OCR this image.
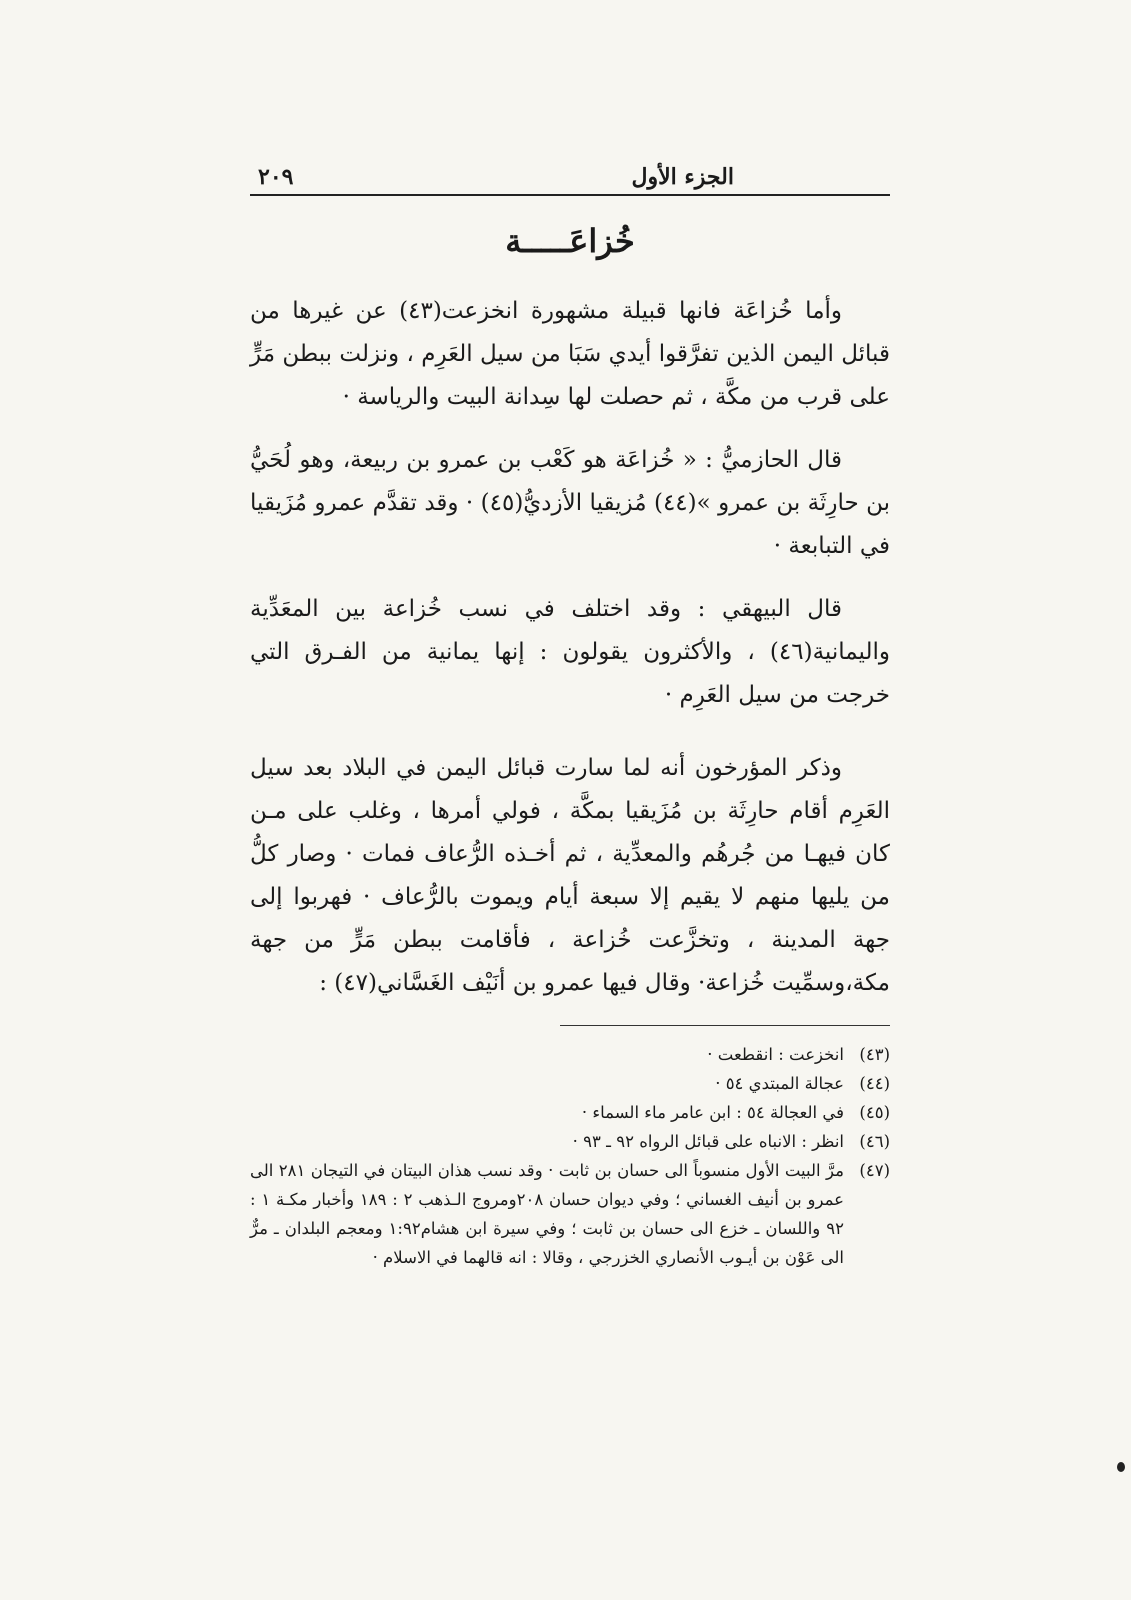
الجزء الأول
٢٠٩
خُزاعَـــــة

وأما خُزاعَة فانها قبيلة مشهورة انخزعت(٤٣) عن غيرها من قبائل اليمن الذين تفرَّقوا أيدي سَبَا من سيل العَرِم ، ونزلت ببطن مَرٍّ على قرب من مكَّة ، ثم حصلت لها سِدانة البيت والرياسة ·

قال الحازميُّ : « خُزاعَة هو كَعْب بن عمرو بن ربيعة، وهو لُحَيُّ بن حارِثَة بن عمرو »(٤٤) مُزيقيا الأزديُّ(٤٥) · وقد تقدَّم عمرو مُزَيقيا في التبابعة ·

قال البيهقي : وقد اختلف في نسب خُزاعة بين المعَدِّية واليمانية(٤٦) ، والأكثرون يقولون : إنها يمانية من الفـرق التي خرجت من سيل العَرِم ·

وذكر المؤرخون أنه لما سارت قبائل اليمن في البلاد بعد سيل العَرِم أقام حارِثَة بن مُزَيقيا بمكَّة ، فولي أمرها ، وغلب على مـن كان فيهـا من جُرهُم والمعدِّية ، ثم أخـذه الرُّعاف فمات · وصار كلُّ من يليها منهم لا يقيم إلا سبعة أيام ويموت بالرُّعاف · فهربوا إلى جهة المدينة ، وتخزَّعت خُزاعة ، فأقامت ببطن مَرٍّ من جهة مكة،وسمِّيت خُزاعة· وقال فيها عمرو بن أنَيْف الغَسَّاني(٤٧) :

(٤٣)
انخزعت : انقطعت ·
(٤٤)
عجالة المبتدي ٥٤ ·
(٤٥)
في العجالة ٥٤ : ابن عامر ماء السماء ·
(٤٦)
انظر : الانباه على قبائل الرواه ٩٢ ـ ٩٣ ·
(٤٧)
مرَّ البيت الأول منسوباً الى حسان بن ثابت · وقد نسب هذان البيتان في التيجان ٢٨١ الى عمرو بن أنيف الغساني ؛ وفي ديوان حسان ٢٠٨ومروج الـذهب ٢ : ١٨٩ وأخبار مكـة ١ : ٩٢ واللسان ـ خزع الى حسان بن ثابت ؛ وفي سيرة ابن هشام١:٩٢ ومعجم البلدان ـ مرٌّ الى عَوْن بن أيـوب الأنصاري الخزرجي ، وقالا : انه قالهما في الاسلام ·
